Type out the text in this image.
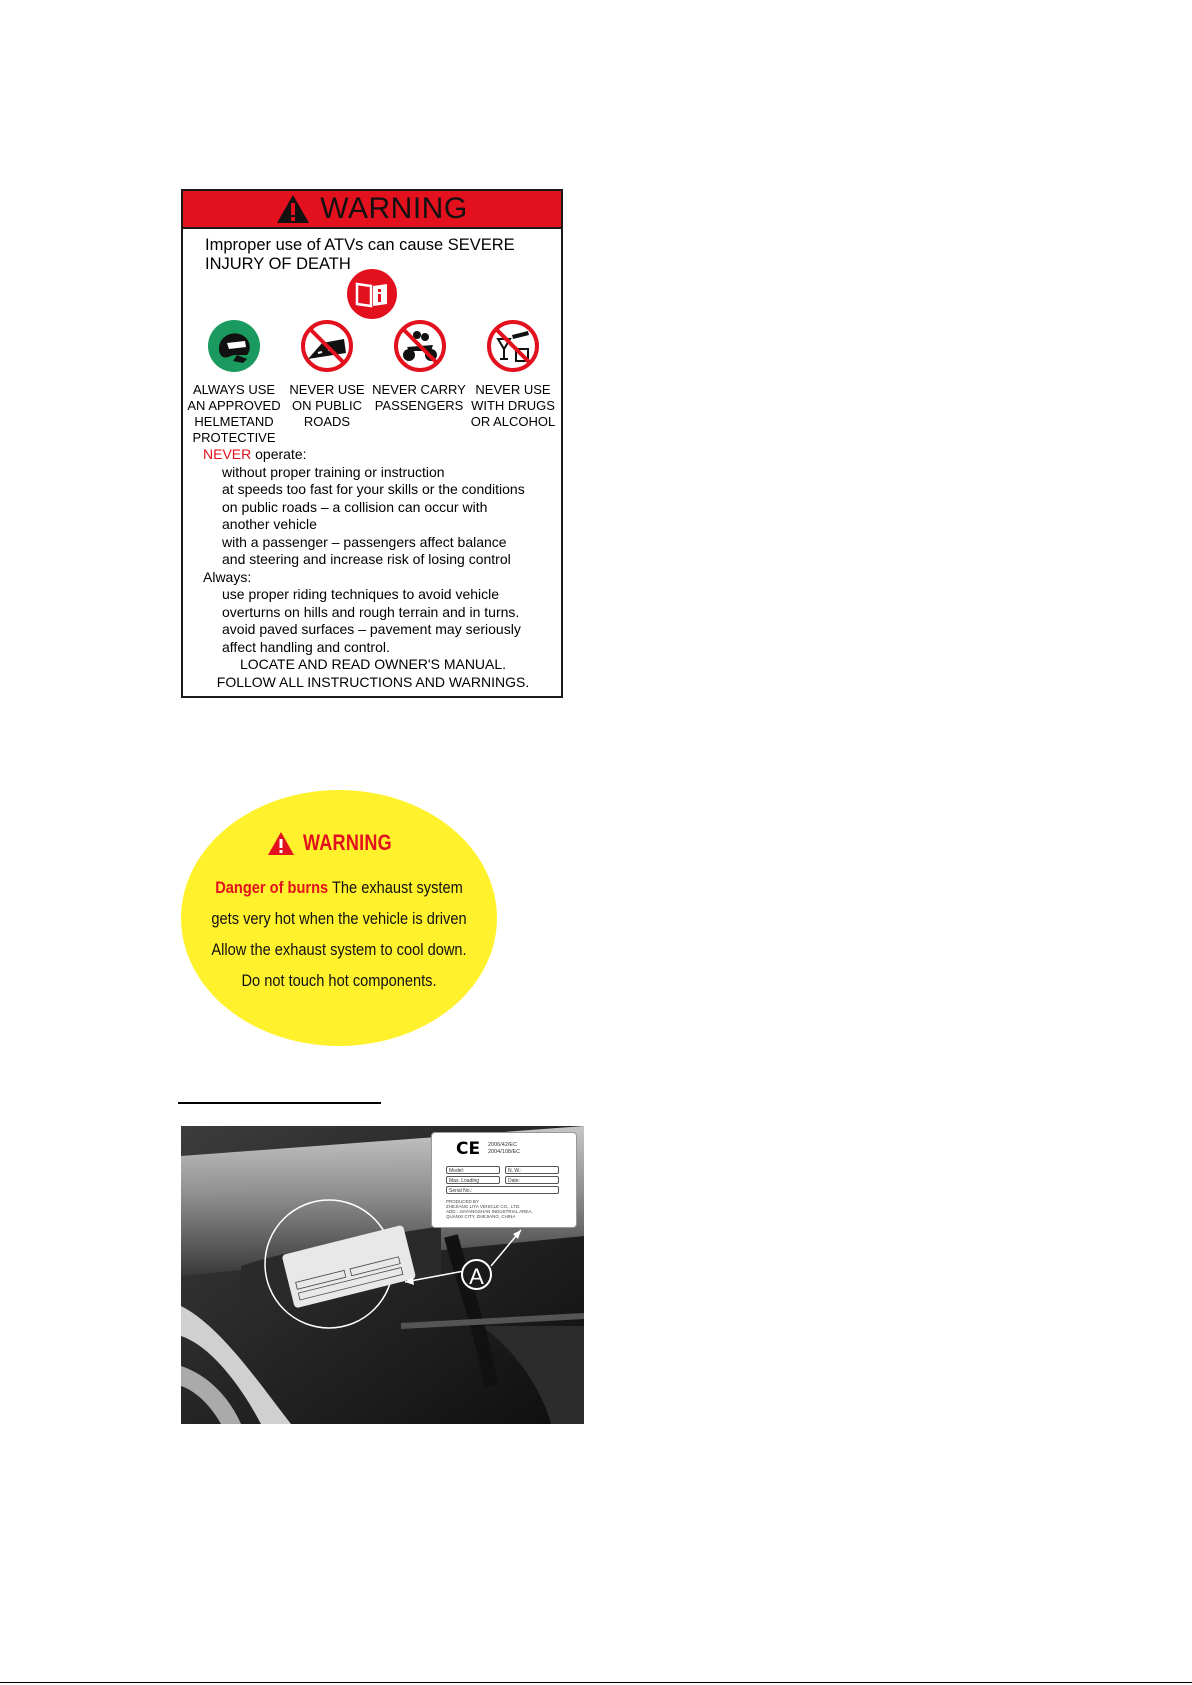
WARNING
Improper use of ATVs can cause SEVERE INJURY OF DEATH
ALWAYS USE
AN APPROVED
HELMETAND
PROTECTIVE
NEVER USE
ON PUBLIC
ROADS
NEVER CARRY
PASSENGERS
NEVER USE
WITH DRUGS
OR ALCOHOL
NEVER operate:
without proper training or instruction
at speeds too fast for your skills or the conditions
on public roads – a collision can occur with
another vehicle
with a passenger – passengers affect balance
and steering and increase risk of losing control
Always:
use proper riding techniques to avoid vehicle
overturns on hills and rough terrain and in turns.
avoid paved surfaces – pavement may seriously
affect handling and control.
LOCATE AND READ OWNER'S MANUAL.
FOLLOW ALL INSTRUCTIONS AND WARNINGS.
WARNING
Danger of burns The exhaust system
gets very hot when the vehicle is driven
Allow the exhaust system to cool down.
Do not touch hot components.
CE 2006/42/EC
2004/108/EC
Model:	N. W.:
Max. Loading	Date:
Serial No.:
PRODUCED BY
ZHEJIANG LIYA VEHICLE CO., LTD.
ADD.: JIAYANGSHAN INDUSTRIAL AREA,
QUANXI CITY, ZHEJIANG, CHINA
A
